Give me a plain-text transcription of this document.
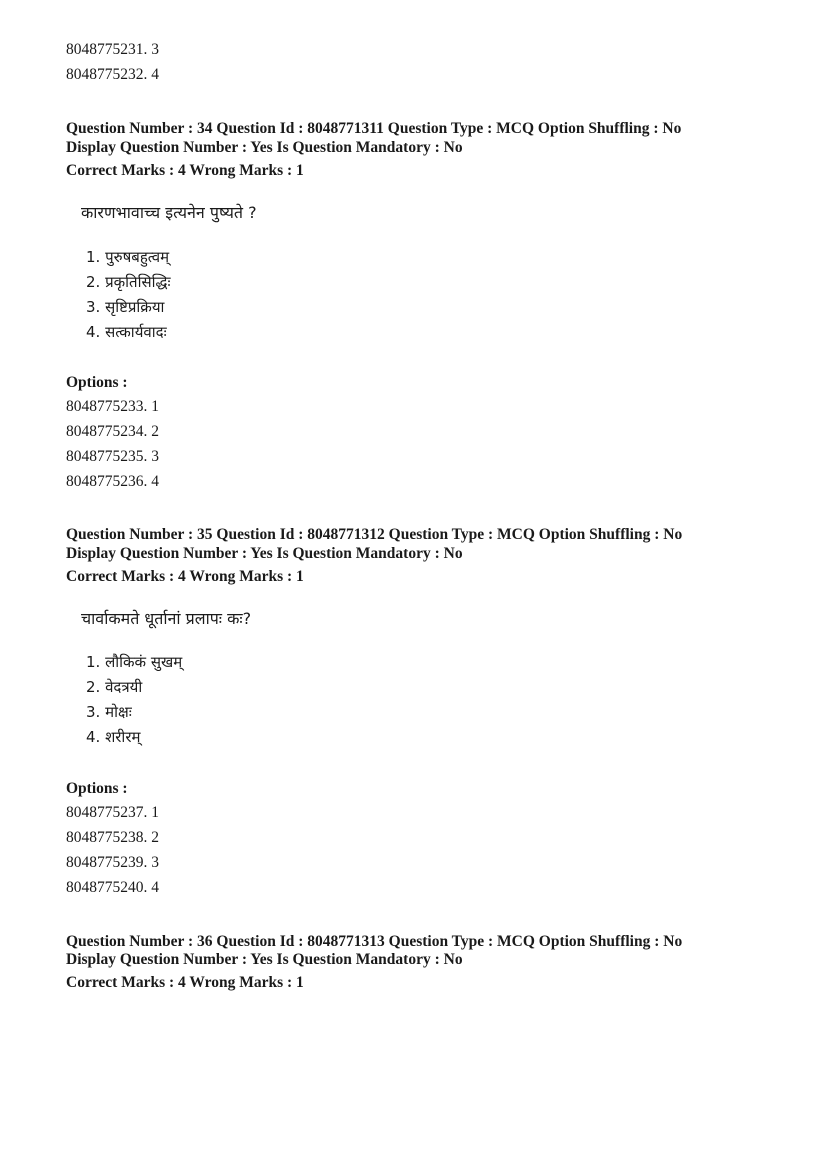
8048775231. 3
8048775232. 4
Question Number : 34 Question Id : 8048771311 Question Type : MCQ Option Shuffling : No
Display Question Number : Yes Is Question Mandatory : No
Correct Marks : 4 Wrong Marks : 1
कारणभावाच्च इत्यनेन पुष्यते ?
1. पुरुषबहुत्वम्
2. प्रकृतिसिद्धिः
3. सृष्टिप्रक्रिया
4. सत्कार्यवादः
Options :
8048775233. 1
8048775234. 2
8048775235. 3
8048775236. 4
Question Number : 35 Question Id : 8048771312 Question Type : MCQ Option Shuffling : No
Display Question Number : Yes Is Question Mandatory : No
Correct Marks : 4 Wrong Marks : 1
चार्वाकमते धूर्तानां प्रलापः कः?
1. लौकिकं सुखम्
2. वेदत्रयी
3. मोक्षः
4. शरीरम्
Options :
8048775237. 1
8048775238. 2
8048775239. 3
8048775240. 4
Question Number : 36 Question Id : 8048771313 Question Type : MCQ Option Shuffling : No
Display Question Number : Yes Is Question Mandatory : No
Correct Marks : 4 Wrong Marks : 1
